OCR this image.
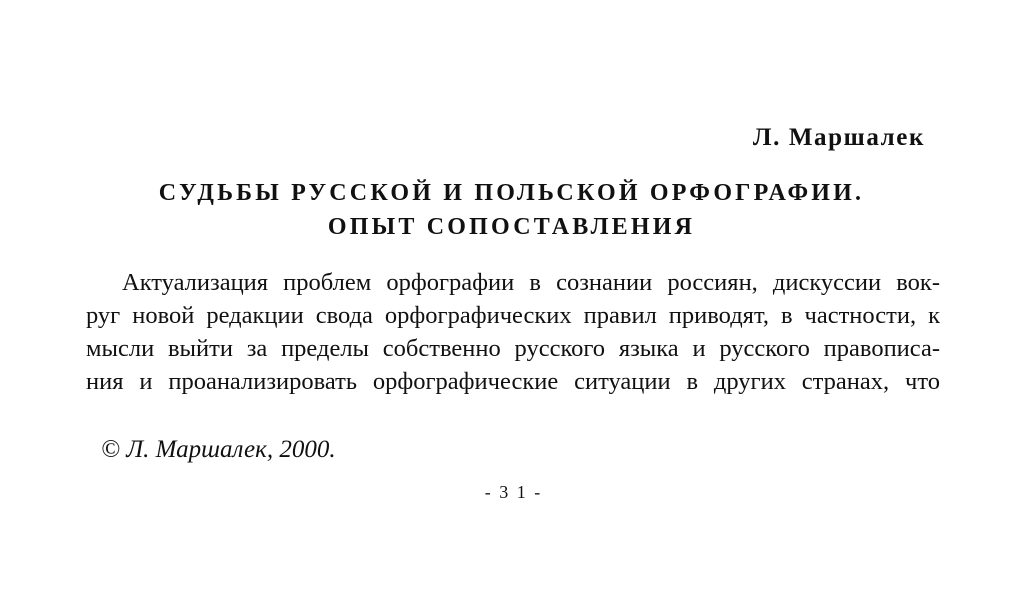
Л. Маршалек
СУДЬБЫ РУССКОЙ И ПОЛЬСКОЙ ОРФОГРАФИИ.
ОПЫТ СОПОСТАВЛЕНИЯ
Актуализация проблем орфографии в сознании россиян, дискуссии вок-
руг новой редакции свода орфографических правил приводят, в частности, к
мысли выйти за пределы собственно русского языка и русского правописа-
ния и проанализировать орфографические ситуации в других странах, что
© Л. Маршалек, 2000.
- 3 1 -
